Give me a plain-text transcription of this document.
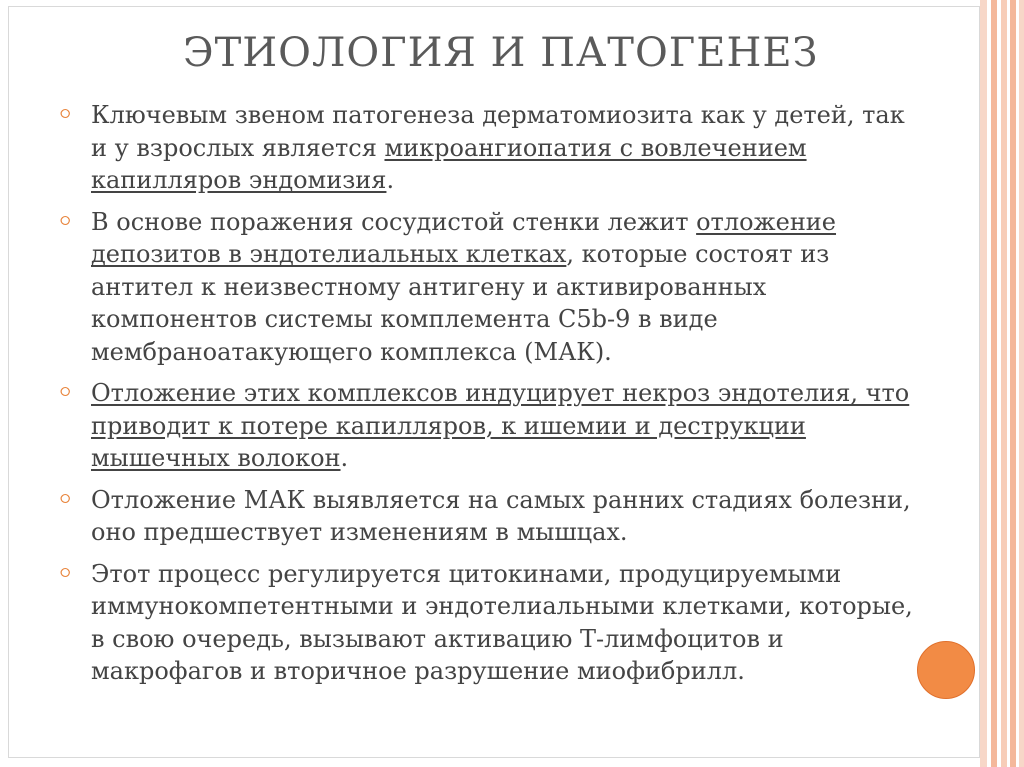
ЭТИОЛОГИЯ И ПАТОГЕНЕЗ
⭘ Ключевым звеном патогенеза дерматомиозита как у детей, так и у взрослых является микроангиопатия с вовлечением капилляров эндомизия.
⭘ В основе поражения сосудистой стенки лежит отложение депозитов в эндотелиальных клетках, которые состоят из антител к неизвестному антигену и активированных компонентов системы комплемента С5b-9 в виде мембраноатакующего комплекса (МАК).
⭘ Отложение этих комплексов индуцирует некроз эндотелия, что приводит к потере капилляров, к ишемии и деструкции мышечных волокон.
⭘ Отложение МАК выявляется на самых ранних стадиях болезни, оно предшествует изменениям в мышцах.
⭘ Этот процесс регулируется цитокинами, продуцируемыми иммунокомпетентными и эндотелиальными клетками, которые, в свою очередь, вызывают активацию Т-лимфоцитов и макрофагов и вторичное разрушение миофибрилл.
